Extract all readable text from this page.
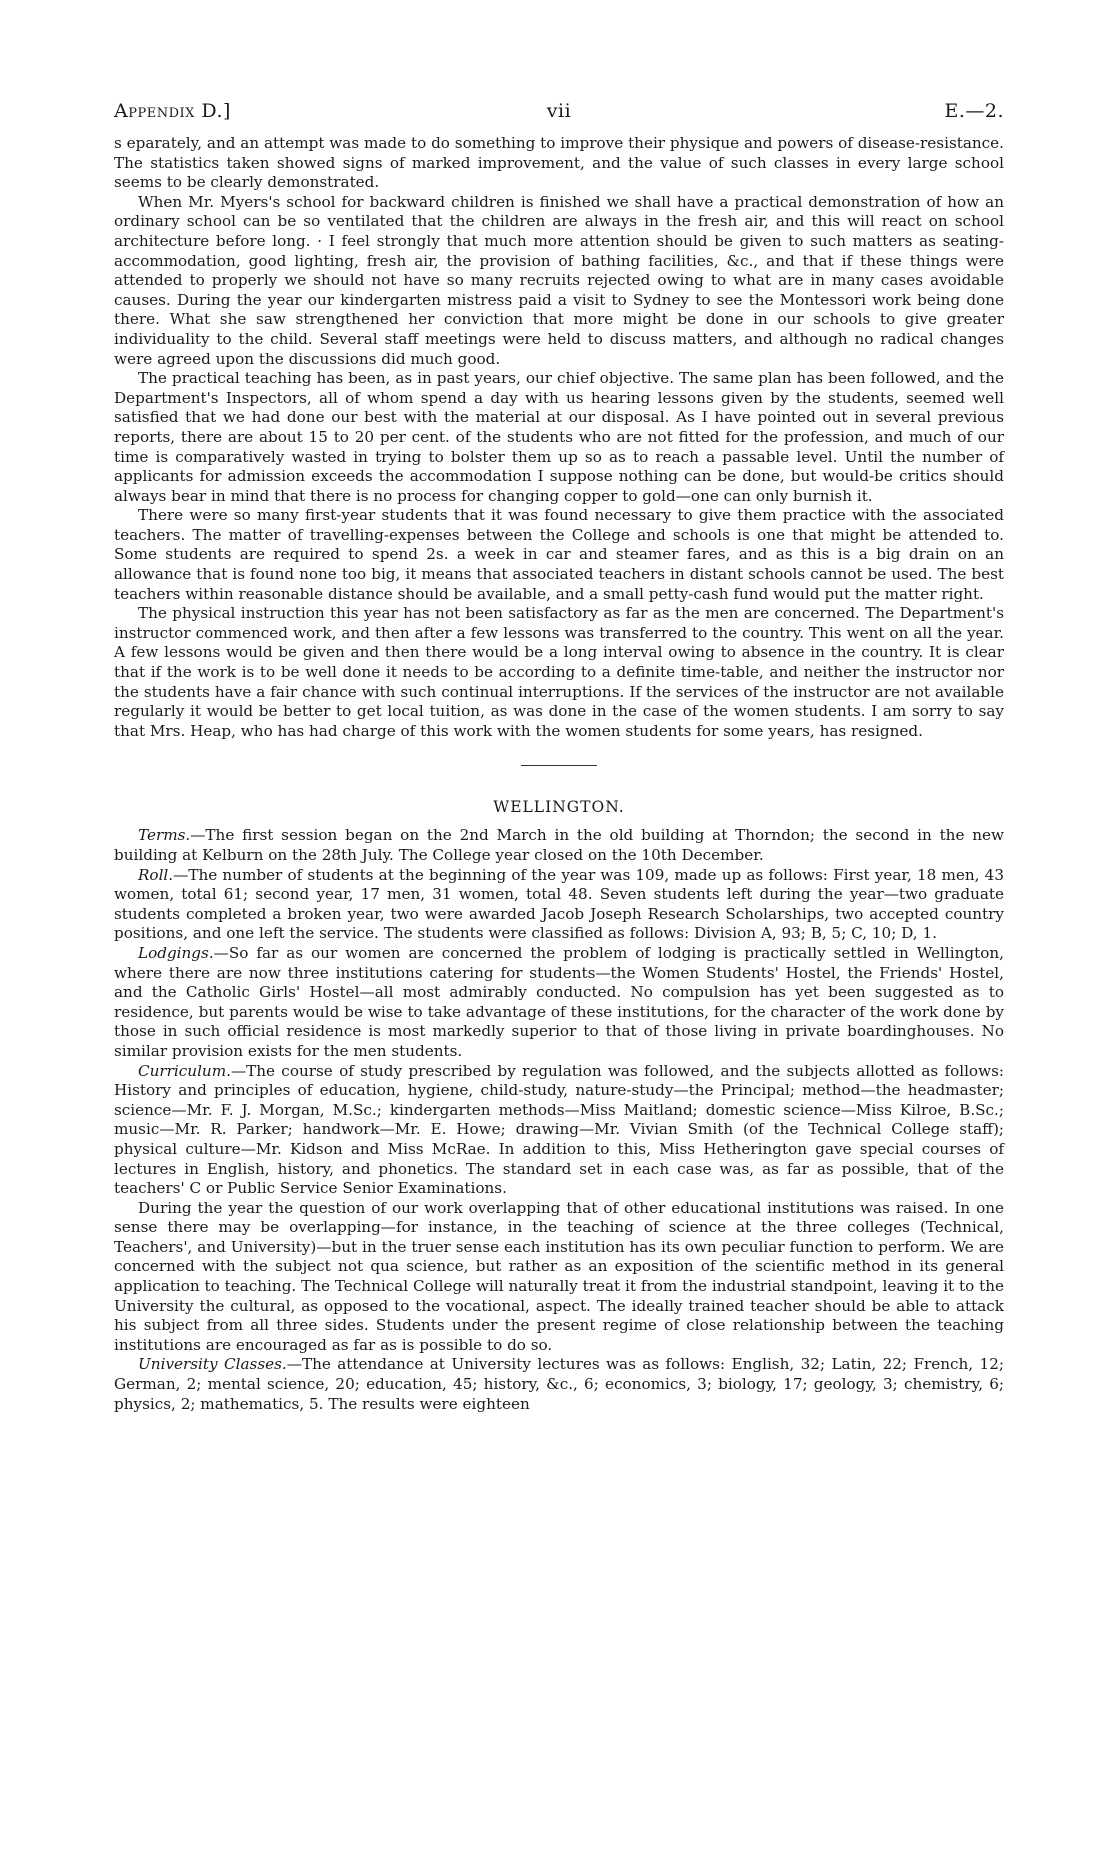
Appendix D.]	vii	E.—2.

s eparately, and an attempt was made to do something to improve their physique and powers of disease-resistance. The statistics taken showed signs of marked improvement, and the value of such classes in every large school seems to be clearly demonstrated.

When Mr. Myers's school for backward children is finished we shall have a practical demonstration of how an ordinary school can be so ventilated that the children are always in the fresh air, and this will react on school architecture before long. · I feel strongly that much more attention should be given to such matters as seating-accommodation, good lighting, fresh air, the provision of bathing facilities, &c., and that if these things were attended to properly we should not have so many recruits rejected owing to what are in many cases avoidable causes. During the year our kindergarten mistress paid a visit to Sydney to see the Montessori work being done there. What she saw strengthened her conviction that more might be done in our schools to give greater individuality to the child. Several staff meetings were held to discuss matters, and although no radical changes were agreed upon the discussions did much good.

The practical teaching has been, as in past years, our chief objective. The same plan has been followed, and the Department's Inspectors, all of whom spend a day with us hearing lessons given by the students, seemed well satisfied that we had done our best with the material at our disposal. As I have pointed out in several previous reports, there are about 15 to 20 per cent. of the students who are not fitted for the profession, and much of our time is comparatively wasted in trying to bolster them up so as to reach a passable level. Until the number of applicants for admission exceeds the accommodation I suppose nothing can be done, but would-be critics should always bear in mind that there is no process for changing copper to gold—one can only burnish it.

There were so many first-year students that it was found necessary to give them practice with the associated teachers. The matter of travelling-expenses between the College and schools is one that might be attended to. Some students are required to spend 2s. a week in car and steamer fares, and as this is a big drain on an allowance that is found none too big, it means that associated teachers in distant schools cannot be used. The best teachers within reasonable distance should be available, and a small petty-cash fund would put the matter right.

The physical instruction this year has not been satisfactory as far as the men are concerned. The Department's instructor commenced work, and then after a few lessons was transferred to the country. This went on all the year. A few lessons would be given and then there would be a long interval owing to absence in the country. It is clear that if the work is to be well done it needs to be according to a definite time-table, and neither the instructor nor the students have a fair chance with such continual interruptions. If the services of the instructor are not available regularly it would be better to get local tuition, as was done in the case of the women students. I am sorry to say that Mrs. Heap, who has had charge of this work with the women students for some years, has resigned.

WELLINGTON.

Terms.—The first session began on the 2nd March in the old building at Thorndon; the second in the new building at Kelburn on the 28th July. The College year closed on the 10th December.

Roll.—The number of students at the beginning of the year was 109, made up as follows: First year, 18 men, 43 women, total 61; second year, 17 men, 31 women, total 48. Seven students left during the year—two graduate students completed a broken year, two were awarded Jacob Joseph Research Scholarships, two accepted country positions, and one left the service. The students were classified as follows: Division A, 93; B, 5; C, 10; D, 1.

Lodgings.—So far as our women are concerned the problem of lodging is practically settled in Wellington, where there are now three institutions catering for students—the Women Students' Hostel, the Friends' Hostel, and the Catholic Girls' Hostel—all most admirably conducted. No compulsion has yet been suggested as to residence, but parents would be wise to take advantage of these institutions, for the character of the work done by those in such official residence is most markedly superior to that of those living in private boardinghouses. No similar provision exists for the men students.

Curriculum.—The course of study prescribed by regulation was followed, and the subjects allotted as follows: History and principles of education, hygiene, child-study, nature-study—the Principal; method—the headmaster; science—Mr. F. J. Morgan, M.Sc.; kindergarten methods—Miss Maitland; domestic science—Miss Kilroe, B.Sc.; music—Mr. R. Parker; handwork—Mr. E. Howe; drawing—Mr. Vivian Smith (of the Technical College staff); physical culture—Mr. Kidson and Miss McRae. In addition to this, Miss Hetherington gave special courses of lectures in English, history, and phonetics. The standard set in each case was, as far as possible, that of the teachers' C or Public Service Senior Examinations.

During the year the question of our work overlapping that of other educational institutions was raised. In one sense there may be overlapping—for instance, in the teaching of science at the three colleges (Technical, Teachers', and University)—but in the truer sense each institution has its own peculiar function to perform. We are concerned with the subject not qua science, but rather as an exposition of the scientific method in its general application to teaching. The Technical College will naturally treat it from the industrial standpoint, leaving it to the University the cultural, as opposed to the vocational, aspect. The ideally trained teacher should be able to attack his subject from all three sides. Students under the present regime of close relationship between the teaching institutions are encouraged as far as is possible to do so.

University Classes.—The attendance at University lectures was as follows: English, 32; Latin, 22; French, 12; German, 2; mental science, 20; education, 45; history, &c., 6; economics, 3; biology, 17; geology, 3; chemistry, 6; physics, 2; mathematics, 5. The results were eighteen
